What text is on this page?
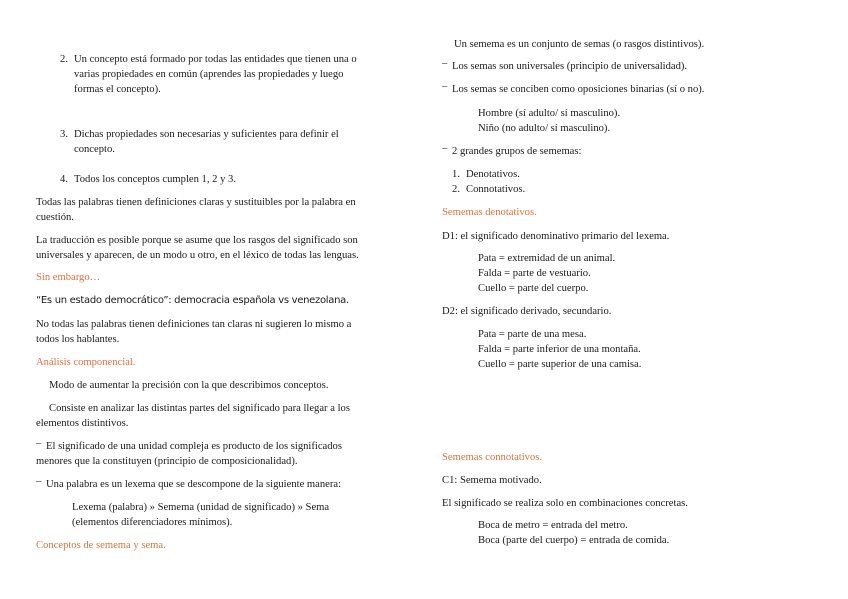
2. Un concepto está formado por todas las entidades que tienen una o
varias propiedades en común (aprendes las propiedades y luego
formas el concepto).
3. Dichas propiedades son necesarias y suficientes para definir el
concepto.
4. Todos los conceptos cumplen 1, 2 y 3.
Todas las palabras tienen definiciones claras y sustituibles por la palabra en
cuestión.
La traducción es posible porque se asume que los rasgos del significado son
universales y aparecen, de un modo u otro, en el léxico de todas las lenguas.
Sin embargo…
“Es un estado democrático”: democracia española vs venezolana.
No todas las palabras tienen definiciones tan claras ni sugieren lo mismo a
todos los hablantes.
Análisis componencial.
Modo de aumentar la precisión con la que describimos conceptos.
Consiste en analizar las distintas partes del significado para llegar a los
elementos distintivos.
‒ El significado de una unidad compleja es producto de los significados
menores que la constituyen (principio de composicionalidad).
‒ Una palabra es un lexema que se descompone de la siguiente manera:
Lexema (palabra) » Semema (unidad de significado) » Sema
(elementos diferenciadores mínimos).
Conceptos de semema y sema.
Un semema es un conjunto de semas (o rasgos distintivos).
‒ Los semas son universales (principio de universalidad).
‒ Los semas se conciben como oposiciones binarias (sí o no).
Hombre (sí adulto/ sí masculino).
Niño (no adulto/ sí masculino).
‒ 2 grandes grupos de sememas:
1. Denotativos.
2. Connotativos.
Sememas denotativos.
D1: el significado denominativo primario del lexema.
Pata = extremidad de un animal.
Falda = parte de vestuario.
Cuello = parte del cuerpo.
D2: el significado derivado, secundario.
Pata = parte de una mesa.
Falda = parte inferior de una montaña.
Cuello = parte superior de una camisa.
Sememas connotativos.
C1: Semema motivado.
El significado se realiza solo en combinaciones concretas.
Boca de metro = entrada del metro.
Boca (parte del cuerpo) = entrada de comida.
